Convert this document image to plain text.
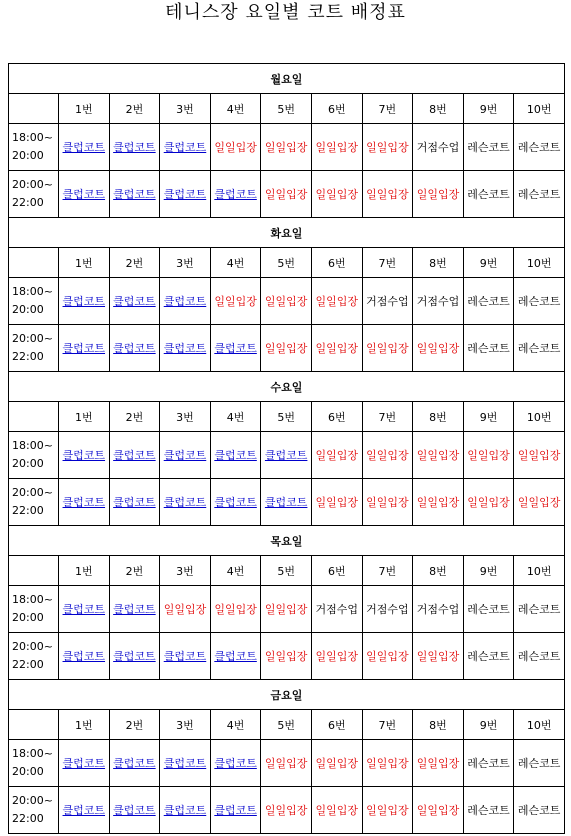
테니스장 요일별 코트 배정표
월요일										
	1번	2번	3번	4번	5번	6번	7번	8번	9번	10번

18:00~
20:00	클럽코트	클럽코트	클럽코트	일일입장	일일입장	일일입장	일일입장	거점수업	레슨코트	레슨코트

20:00~
22:00	클럽코트	클럽코트	클럽코트	클럽코트	일일입장	일일입장	일일입장	일일입장	레슨코트	레슨코트
화요일										
	1번	2번	3번	4번	5번	6번	7번	8번	9번	10번

18:00~
20:00	클럽코트	클럽코트	클럽코트	일일입장	일일입장	일일입장	거점수업	거점수업	레슨코트	레슨코트

20:00~
22:00	클럽코트	클럽코트	클럽코트	클럽코트	일일입장	일일입장	일일입장	일일입장	레슨코트	레슨코트
수요일										
	1번	2번	3번	4번	5번	6번	7번	8번	9번	10번

18:00~
20:00	클럽코트	클럽코트	클럽코트	클럽코트	클럽코트	일일입장	일일입장	일일입장	일일입장	일일입장

20:00~
22:00	클럽코트	클럽코트	클럽코트	클럽코트	클럽코트	일일입장	일일입장	일일입장	일일입장	일일입장
목요일										
	1번	2번	3번	4번	5번	6번	7번	8번	9번	10번

18:00~
20:00	클럽코트	클럽코트	일일입장	일일입장	일일입장	거점수업	거점수업	거점수업	레슨코트	레슨코트

20:00~
22:00	클럽코트	클럽코트	클럽코트	클럽코트	일일입장	일일입장	일일입장	일일입장	레슨코트	레슨코트
금요일										
	1번	2번	3번	4번	5번	6번	7번	8번	9번	10번

18:00~
20:00	클럽코트	클럽코트	클럽코트	클럽코트	일일입장	일일입장	일일입장	일일입장	레슨코트	레슨코트

20:00~
22:00	클럽코트	클럽코트	클럽코트	클럽코트	일일입장	일일입장	일일입장	일일입장	레슨코트	레슨코트
